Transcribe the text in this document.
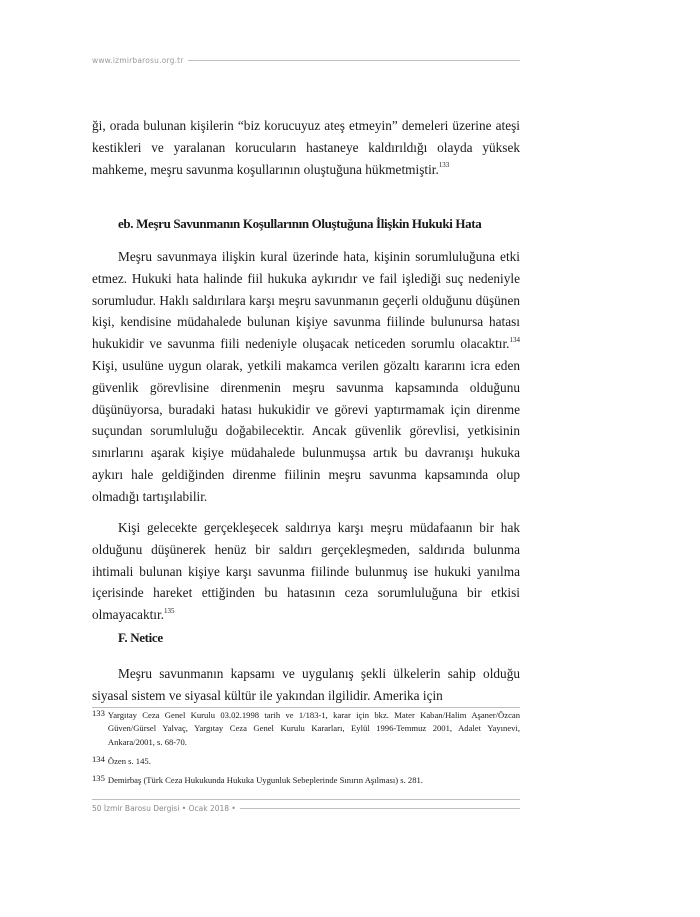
www.izmirbarosu.org.tr

ği, orada bulunan kişilerin “biz korucuyuz ateş etmeyin” demeleri üzerine ateşi kestikleri ve yaralanan korucuların hastaneye kaldırıldığı olayda yüksek mahkeme, meşru savunma koşullarının oluştuğuna hükmetmiştir.$^{133}$

eb. Meşru Savunmanın Koşullarının Oluştuğuna İlişkin Hukuki Hata

Meşru savunmaya ilişkin kural üzerinde hata, kişinin sorumluluğuna etki etmez. Hukuki hata halinde fiil hukuka aykırıdır ve fail işlediği suç nedeniyle sorumludur. Haklı saldırılara karşı meşru savunmanın geçerli olduğunu düşünen kişi, kendisine müdahalede bulunan kişiye savunma fiilinde bulunursa hatası hukukidir ve savunma fiili nedeniyle oluşacak neticeden sorumlu olacaktır.$^{134}$ Kişi, usulüne uygun olarak, yetkili makamca verilen gözaltı kararını icra eden güvenlik görevlisine direnmenin meşru savunma kapsamında olduğunu düşünüyorsa, buradaki hatası hukukidir ve görevi yaptırmamak için direnme suçundan sorumluluğu doğabilecektir. Ancak güvenlik görevlisi, yetkisinin sınırlarını aşarak kişiye müdahalede bulunmuşsa artık bu davranışı hukuka aykırı hale geldiğinden direnme fiilinin meşru savunma kapsamında olup olmadığı tartışılabilir.

Kişi gelecekte gerçekleşecek saldırıya karşı meşru müdafaanın bir hak olduğunu düşünerek henüz bir saldırı gerçekleşmeden, saldırıda bulunma ihtimali bulunan kişiye karşı savunma fiilinde bulunmuş ise hukuki yanılma içerisinde hareket ettiğinden bu hatasının ceza sorumluluğuna bir etkisi olmayacaktır.$^{135}$

F. Netice

Meşru savunmanın kapsamı ve uygulanış şekli ülkelerin sahip olduğu siyasal sistem ve siyasal kültür ile yakından ilgilidir. Amerika için

133 Yargıtay Ceza Genel Kurulu 03.02.1998 tarih ve 1/183-1, karar için bkz. Mater Kaban/Halim Aşaner/Özcan Güven/Gürsel Yalvaç, Yargıtay Ceza Genel Kurulu Kararları, Eylül 1996-Temmuz 2001, Adalet Yayınevi, Ankara/2001, s. 68-70.
134 Özen s. 145.
135 Demirbaş (Türk Ceza Hukukunda Hukuka Uygunluk Sebeplerinde Sınırın Aşılması) s. 281.
50 İzmir Barosu Dergisi • Ocak 2018 •
